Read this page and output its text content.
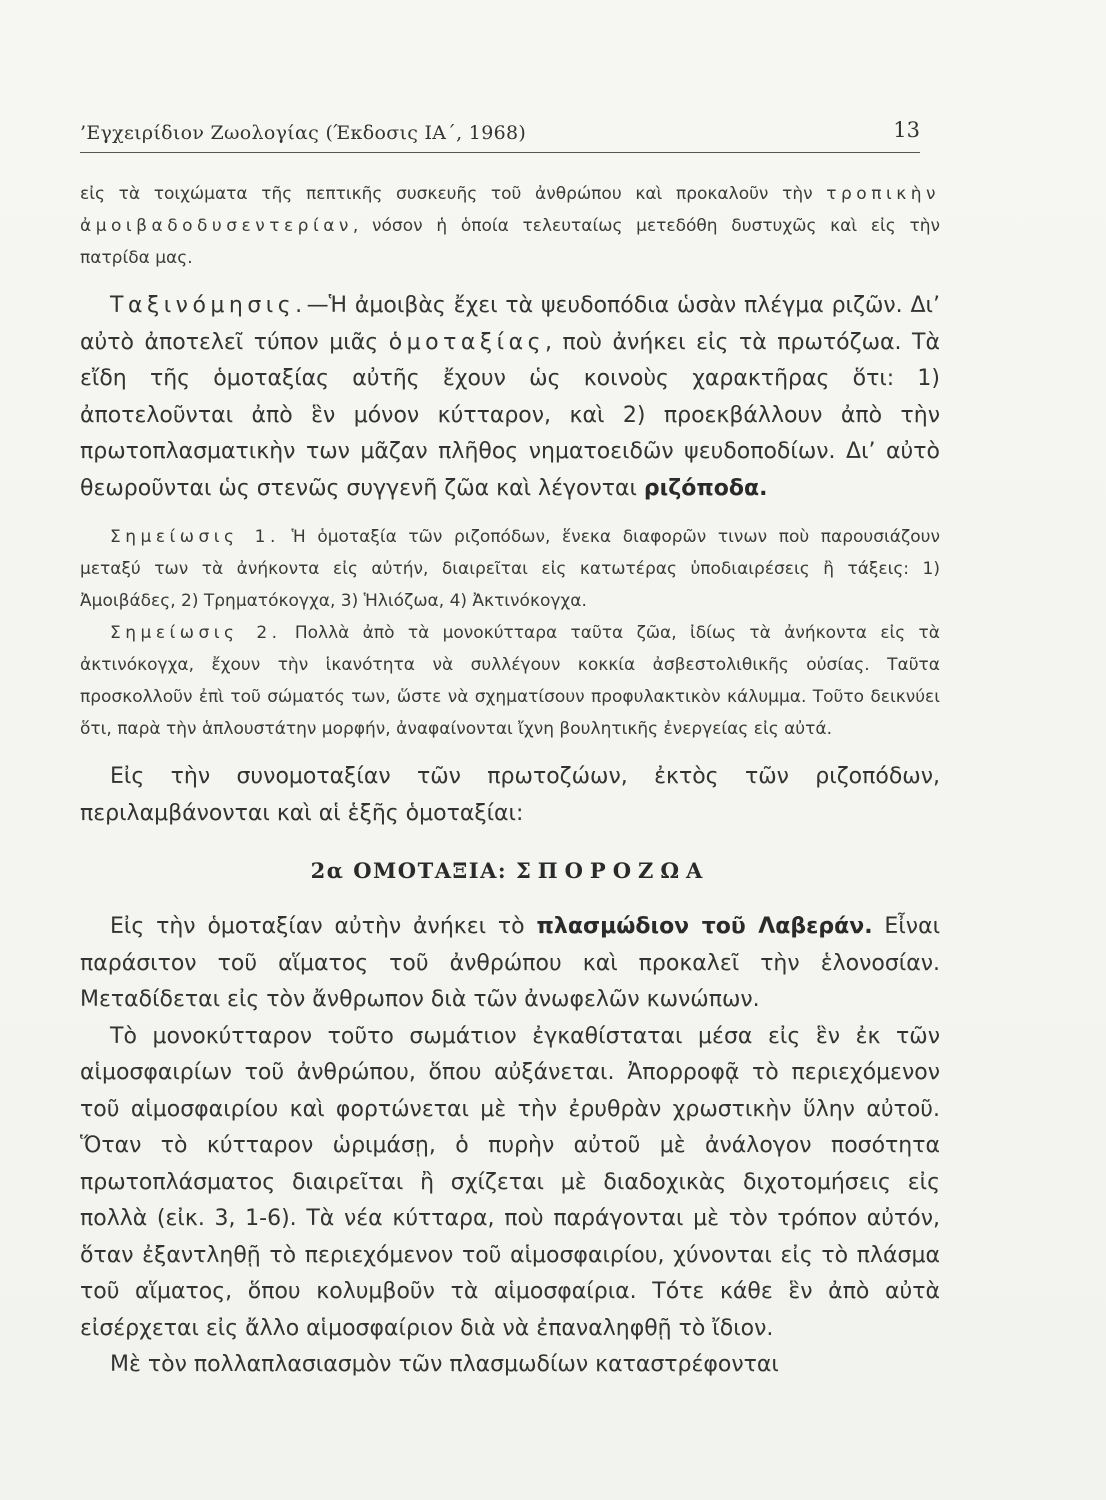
’Εγχειρίδιον Ζωολογίας (Έκδοσις ΙΑ΄, 1968)	13

εἰς τὰ τοιχώματα τῆς πεπτικῆς συσκευῆς τοῦ ἀνθρώπου καὶ προκαλοῦν τὴν τροπικὴν ἀμοιβαδοδυσεντερίαν, νόσον ἡ ὁποία τελευταίως μετεδόθη δυστυχῶς καὶ εἰς τὴν πατρίδα μας.

Ταξινόμησις.—Ἡ ἀμοιβὰς ἔχει τὰ ψευδοπόδια ὡσὰν πλέγμα ριζῶν. Δι’ αὐτὸ ἀποτελεῖ τύπον μιᾶς ὁμοταξίας, ποὺ ἀνήκει εἰς τὰ πρωτόζωα. Τὰ εἴδη τῆς ὁμοταξίας αὐτῆς ἔχουν ὡς κοινοὺς χαρακτῆρας ὅτι: 1) ἀποτελοῦνται ἀπὸ ἓν μόνον κύτταρον, καὶ 2) προεκβάλλουν ἀπὸ τὴν πρωτοπλασματικὴν των μᾶζαν πλῆθος νηματοειδῶν ψευδοποδίων. Δι’ αὐτὸ θεωροῦνται ὡς στενῶς συγγενῆ ζῶα καὶ λέγονται ριζόποδα.

Σημείωσις 1. Ἡ ὁμοταξία τῶν ριζοπόδων, ἕνεκα διαφορῶν τινων ποὺ παρουσιάζουν μεταξύ των τὰ ἀνήκοντα εἰς αὐτήν, διαιρεῖται εἰς κατωτέρας ὑποδιαιρέσεις ἢ τάξεις: 1) Ἀμοιβάδες, 2) Τρηματόκογχα, 3) Ἡλιόζωα, 4) Ἀκτινόκογχα.

Σημείωσις 2. Πολλὰ ἀπὸ τὰ μονοκύτταρα ταῦτα ζῶα, ἰδίως τὰ ἀνήκοντα εἰς τὰ ἀκτινόκογχα, ἔχουν τὴν ἱκανότητα νὰ συλλέγουν κοκκία ἀσβεστολιθικῆς οὐσίας. Ταῦτα προσκολλοῦν ἐπὶ τοῦ σώματός των, ὥστε νὰ σχηματίσουν προφυλακτικὸν κάλυμμα. Τοῦτο δεικνύει ὅτι, παρὰ τὴν ἁπλουστάτην μορφήν, ἀναφαίνονται ἴχνη βουλητικῆς ἐνεργείας εἰς αὐτά.

Εἰς τὴν συνομοταξίαν τῶν πρωτοζώων, ἐκτὸς τῶν ριζοπόδων, περιλαμβάνονται καὶ αἱ ἑξῆς ὁμοταξίαι:

2α ΟΜΟΤΑΞΙΑ: ΣΠΟΡΟΖΩΑ

Εἰς τὴν ὁμοταξίαν αὐτὴν ἀνήκει τὸ πλασμώδιον τοῦ Λαβεράν. Εἶναι παράσιτον τοῦ αἵματος τοῦ ἀνθρώπου καὶ προκαλεῖ τὴν ἑλονοσίαν. Μεταδίδεται εἰς τὸν ἄνθρωπον διὰ τῶν ἀνωφελῶν κωνώπων.

Τὸ μονοκύτταρον τοῦτο σωμάτιον ἐγκαθίσταται μέσα εἰς ἓν ἐκ τῶν αἱμοσφαιρίων τοῦ ἀνθρώπου, ὅπου αὐξάνεται. Ἀπορροφᾷ τὸ περιεχόμενον τοῦ αἱμοσφαιρίου καὶ φορτώνεται μὲ τὴν ἐρυθρὰν χρωστικὴν ὕλην αὐτοῦ. Ὅταν τὸ κύτταρον ὡριμάσῃ, ὁ πυρὴν αὐτοῦ μὲ ἀνάλογον ποσότητα πρωτοπλάσματος διαιρεῖται ἢ σχίζεται μὲ διαδοχικὰς διχοτομήσεις εἰς πολλὰ (εἰκ. 3, 1-6). Τὰ νέα κύτταρα, ποὺ παράγονται μὲ τὸν τρόπον αὐτόν, ὅταν ἐξαντληθῇ τὸ περιεχόμενον τοῦ αἱμοσφαιρίου, χύνονται εἰς τὸ πλάσμα τοῦ αἵματος, ὅπου κολυμβοῦν τὰ αἱμοσφαίρια. Τότε κάθε ἓν ἀπὸ αὐτὰ εἰσέρχεται εἰς ἄλλο αἱμοσφαίριον διὰ νὰ ἐπαναληφθῇ τὸ ἴδιον.

Μὲ τὸν πολλαπλασιασμὸν τῶν πλασμωδίων καταστρέφονται
